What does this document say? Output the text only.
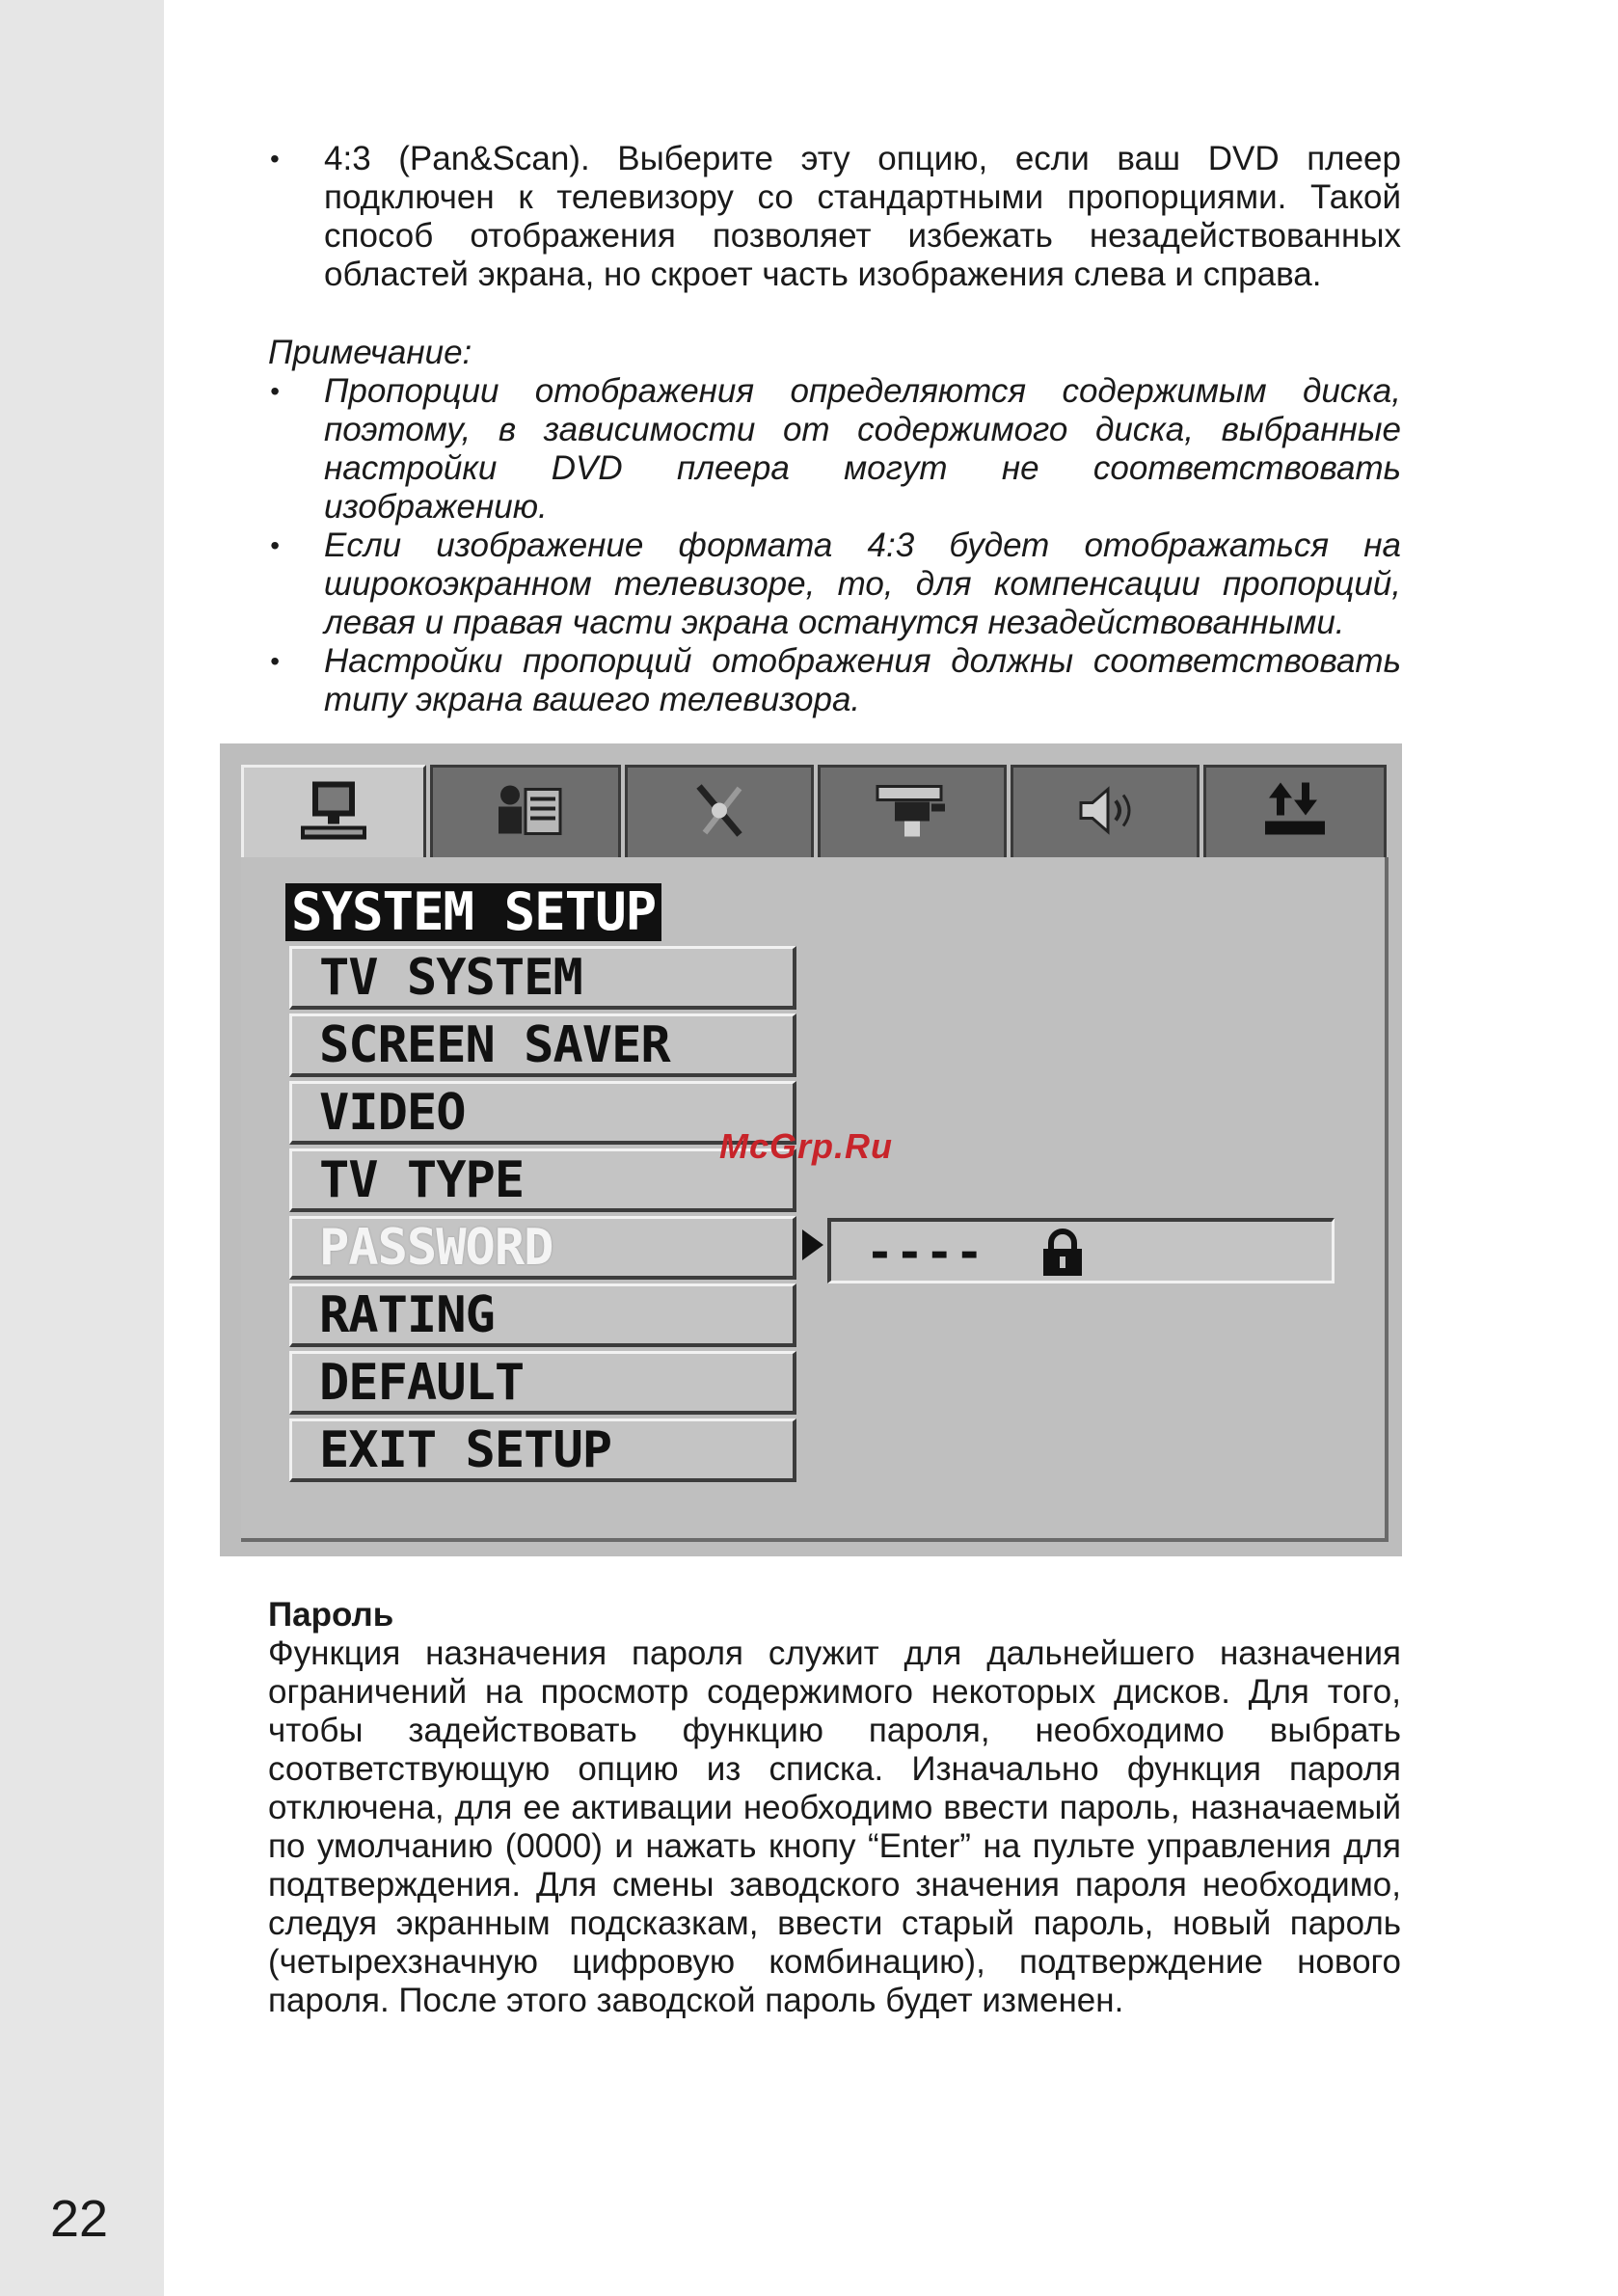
22
• 4:3 (Pan&Scan). Выберите эту опцию, если ваш DVD плеер подключен к телевизору со стандартными пропорциями. Такой способ отображения позволяет избежать незадействованных областей экрана, но скроет часть изображения слева и справа.
Примечание:
• Пропорции отображения определяются содержимым диска, поэтому, в зависимости от содержимого диска, выбранные настройки DVD плеера могут не соответствовать изображению.
• Если изображение формата 4:3 будет отображаться на широкоэкранном телевизоре, то, для компенсации пропорций, левая и правая части экрана останутся незадействованными.
• Настройки пропорций отображения должны соответствовать типу экрана вашего телевизора.
SYSTEM SETUP
TV SYSTEM
SCREEN SAVER
VIDEO
TV TYPE
PASSWORD
RATING
DEFAULT
EXIT SETUP
----
McGrp.Ru
Пароль
Функция назначения пароля служит для дальнейшего назначения ограничений на просмотр содержимого некоторых дисков. Для того, чтобы задействовать функцию пароля, необходимо выбрать соответствующую опцию из списка. Изначально функция пароля отключена, для ее активации необходимо ввести пароль, назначаемый по умолчанию (0000) и нажать кнопу “Enter” на пульте управления для подтверждения. Для смены заводского значения пароля необходимо, следуя экранным подсказкам, ввести старый пароль, новый пароль (четырехзначную цифровую комбинацию), подтверждение нового пароля. После этого заводской пароль будет изменен.
